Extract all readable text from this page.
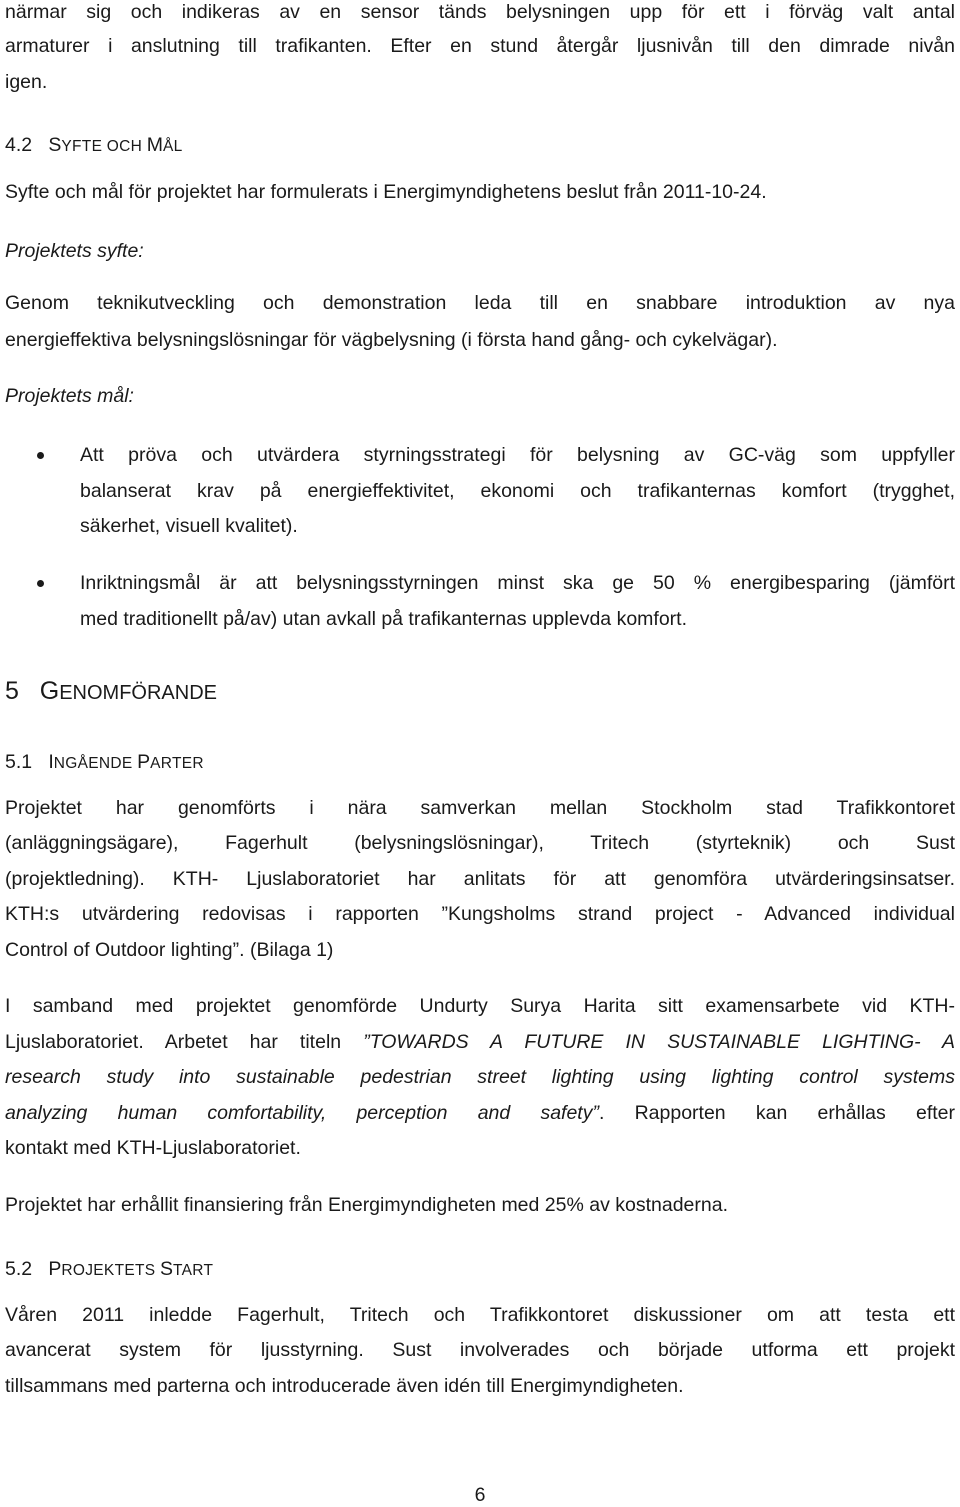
närmar sig och indikeras av en sensor tänds belysningen upp för ett i förväg valt antal
armaturer i anslutning till trafikanten. Efter en stund återgår ljusnivån till den dimrade nivån
igen.
4.2 SYFTE OCH MÅL
Syfte och mål för projektet har formulerats i Energimyndighetens beslut från 2011-10-24.
Projektets syfte:
Genom teknikutveckling och demonstration leda till en snabbare introduktion av nya
energieffektiva belysningslösningar för vägbelysning (i första hand gång- och cykelvägar).
Projektets mål:
Att pröva och utvärdera styrningsstrategi för belysning av GC-väg som uppfyller
balanserat krav på energieffektivitet, ekonomi och trafikanternas komfort (trygghet,
säkerhet, visuell kvalitet).
Inriktningsmål är att belysningsstyrningen minst ska ge 50 % energibesparing (jämfört
med traditionellt på/av) utan avkall på trafikanternas upplevda komfort.
5 GENOMFÖRANDE
5.1 INGÅENDE PARTER
Projektet har genomförts i nära samverkan mellan Stockholm stad Trafikkontoret
(anläggningsägare), Fagerhult (belysningslösningar), Tritech (styrteknik) och Sust
(projektledning). KTH- Ljuslaboratoriet har anlitats för att genomföra utvärderingsinsatser.
KTH:s utvärdering redovisas i rapporten ”Kungsholms strand project - Advanced individual
Control of Outdoor lighting”. (Bilaga 1)
I samband med projektet genomförde Undurty Surya Harita sitt examensarbete vid KTH-
Ljuslaboratoriet. Arbetet har titeln ”TOWARDS A FUTURE IN SUSTAINABLE LIGHTING- A
research study into sustainable pedestrian street lighting using lighting control systems
analyzing human comfortability, perception and safety”. Rapporten kan erhållas efter
kontakt med KTH-Ljuslaboratoriet.
Projektet har erhållit finansiering från Energimyndigheten med 25% av kostnaderna.
5.2 PROJEKTETS START
Våren 2011 inledde Fagerhult, Tritech och Trafikkontoret diskussioner om att testa ett
avancerat system för ljusstyrning. Sust involverades och började utforma ett projekt
tillsammans med parterna och introducerade även idén till Energimyndigheten.
6
